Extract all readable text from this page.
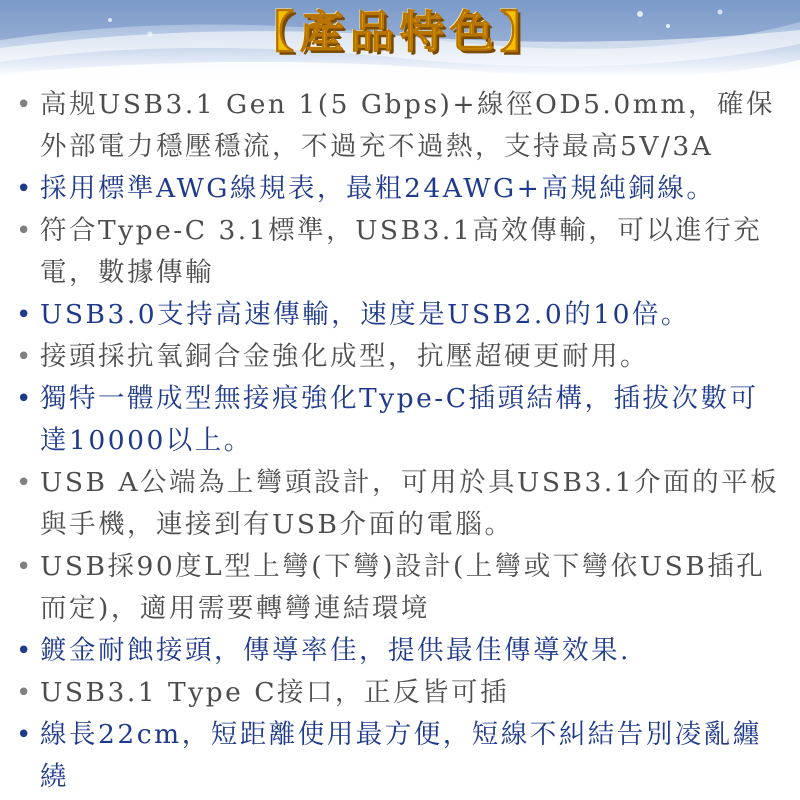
【產品特色】
• 高规USB3.1 Gen 1(5 Gbps)+線徑OD5.0mm，確保外部電力穩壓穩流，不過充不過熱，支持最高5V/3A
• 採用標準AWG線規表，最粗24AWG+高規純銅線。
• 符合Type-C 3.1標準，USB3.1高效傳輸，可以進行充電，數據傳輸
• USB3.0支持高速傳輸，速度是USB2.0的10倍。
• 接頭採抗氧銅合金強化成型，抗壓超硬更耐用。
• 獨特一體成型無接痕強化Type-C插頭結構，插拔次數可達10000以上。
• USB A公端為上彎頭設計，可用於具USB3.1介面的平板與手機，連接到有USB介面的電腦。
• USB採90度L型上彎(下彎)設計(上彎或下彎依USB插孔而定)，適用需要轉彎連結環境
• 鍍金耐蝕接頭，傳導率佳，提供最佳傳導效果.
• USB3.1 Type C接口，正反皆可插
• 線長22cm，短距離使用最方便，短線不糾結告別凌亂纏繞
